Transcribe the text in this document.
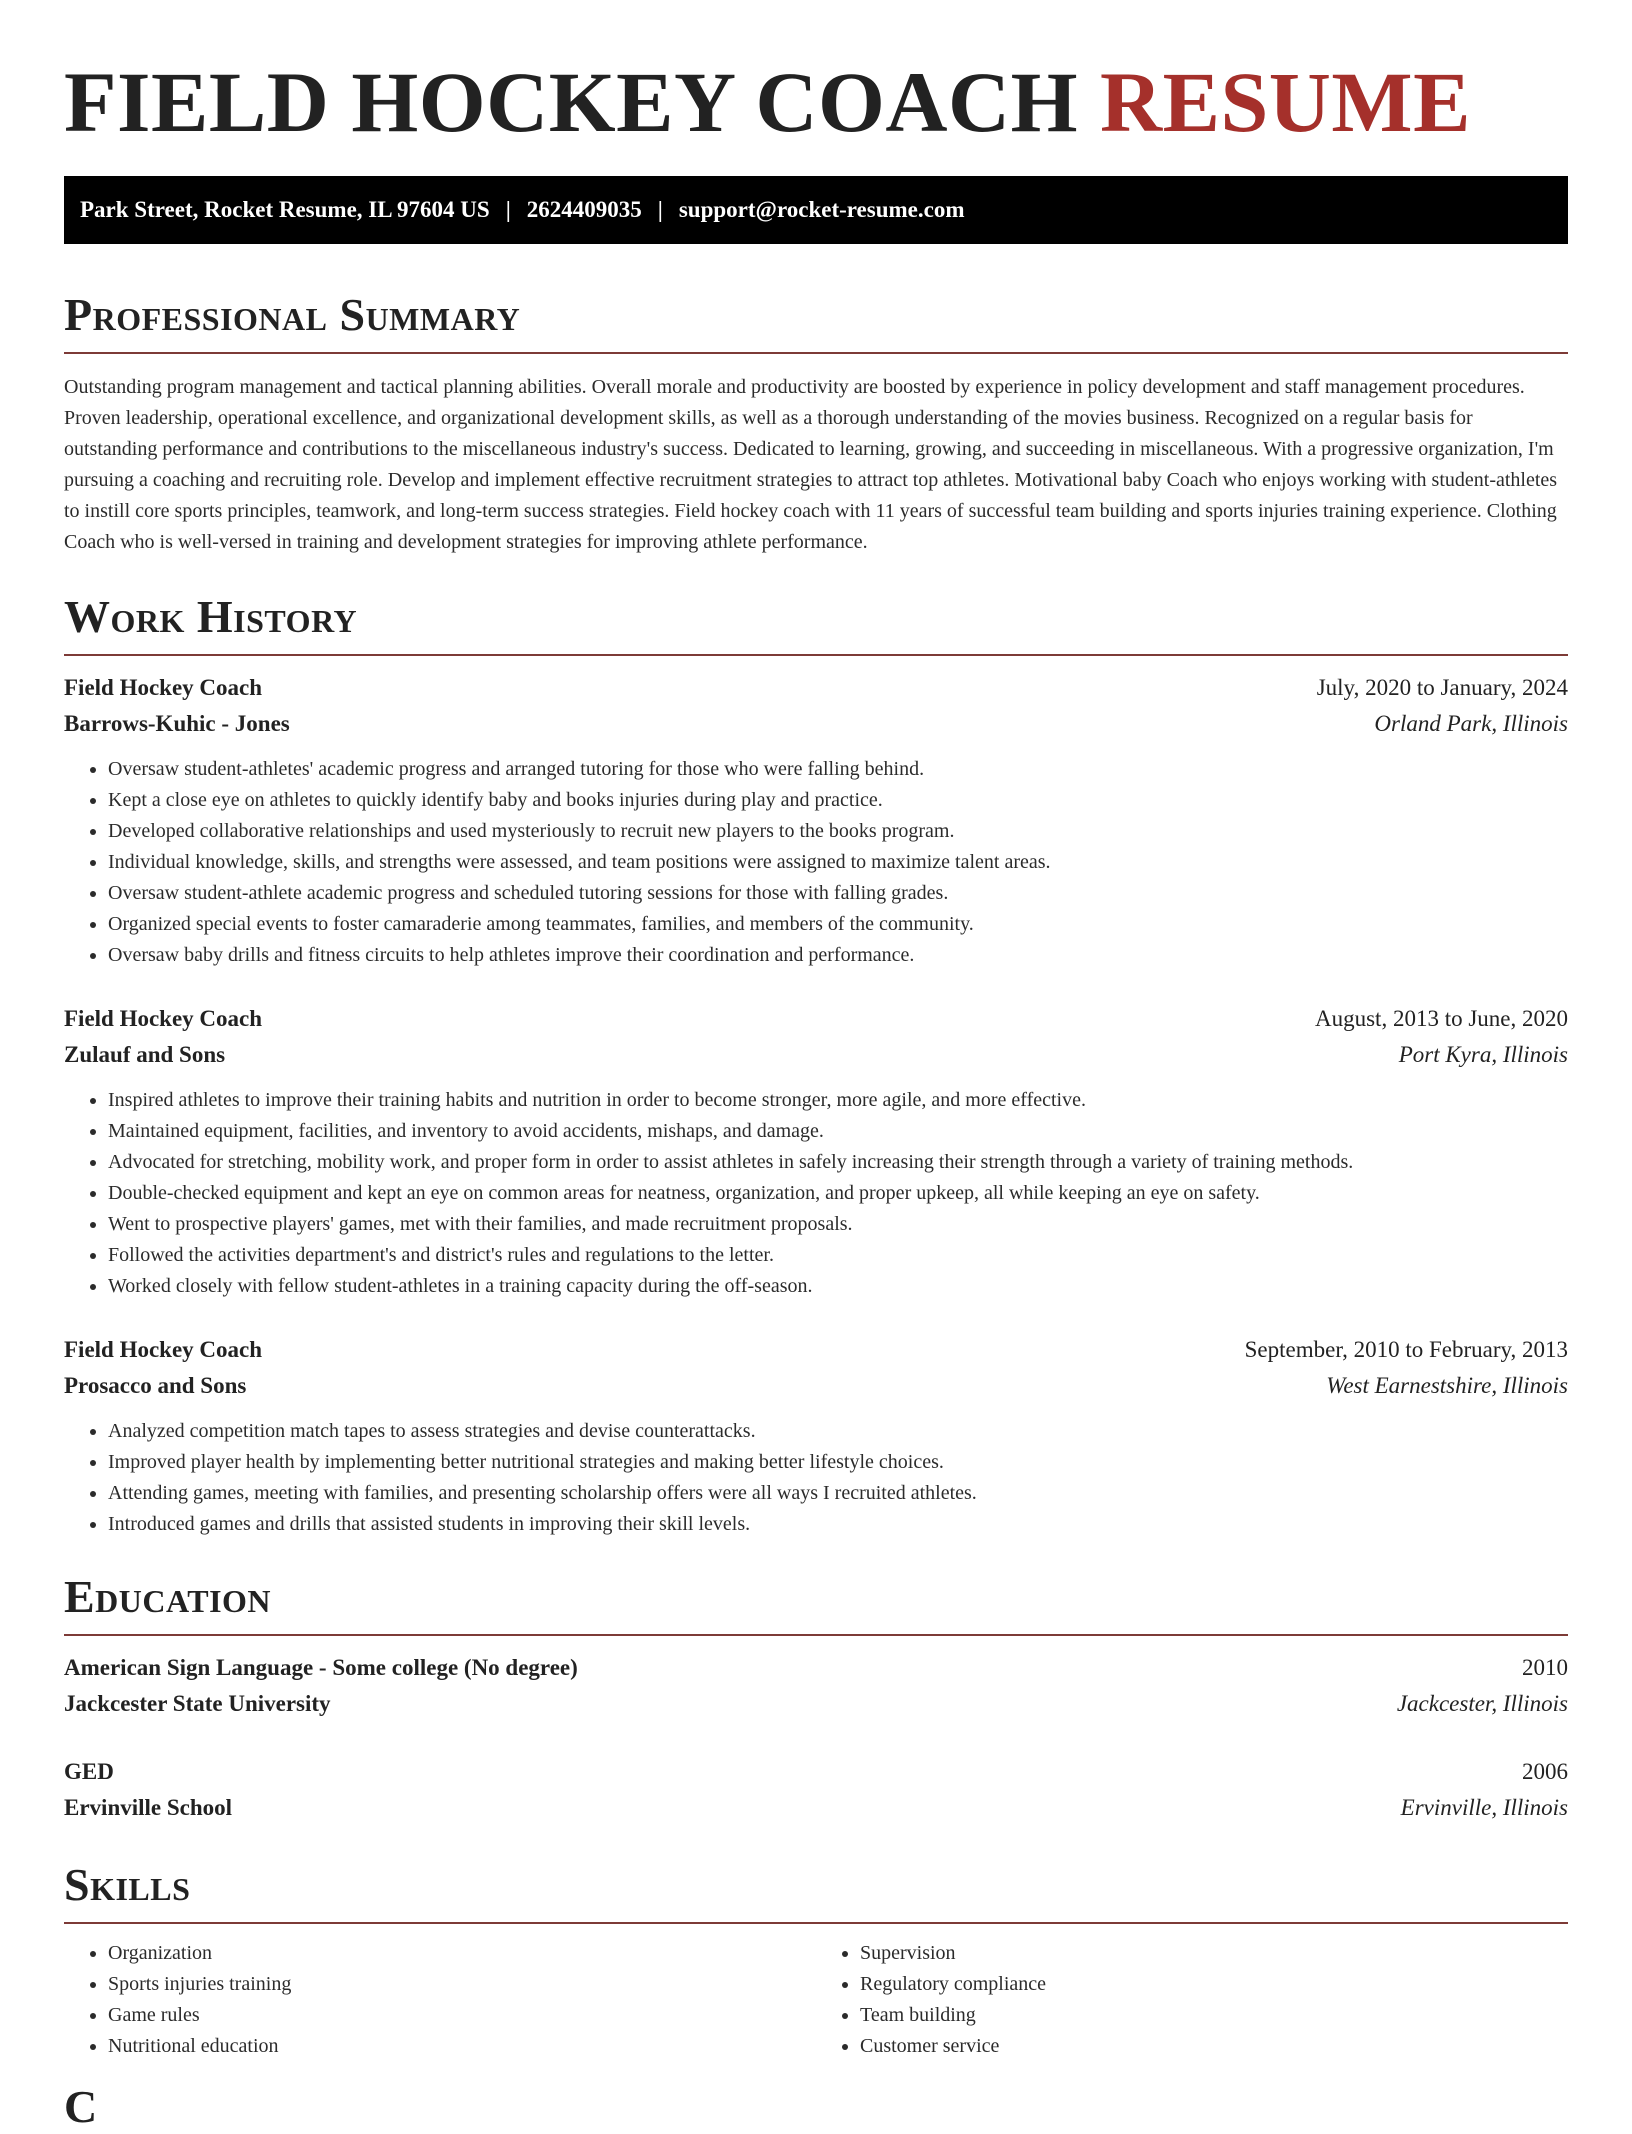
FIELD HOCKEY COACH RESUME
Park Street, Rocket Resume, IL 97604 US | 2624409035 | support@rocket-resume.com
Professional Summary

Outstanding program management and tactical planning abilities. Overall morale and productivity are boosted by experience in policy development and staff management procedures. Proven leadership, operational excellence, and organizational development skills, as well as a thorough understanding of the movies business. Recognized on a regular basis for outstanding performance and contributions to the miscellaneous industry's success. Dedicated to learning, growing, and succeeding in miscellaneous. With a progressive organization, I'm pursuing a coaching and recruiting role. Develop and implement effective recruitment strategies to attract top athletes. Motivational baby Coach who enjoys working with student-athletes to instill core sports principles, teamwork, and long-term success strategies. Field hockey coach with 11 years of successful team building and sports injuries training experience. Clothing Coach who is well-versed in training and development strategies for improving athlete performance.

Work History
Field Hockey Coach	July, 2020 to January, 2024
Barrows-Kuhic - Jones	Orland Park, Illinois
• Oversaw student-athletes' academic progress and arranged tutoring for those who were falling behind.
• Kept a close eye on athletes to quickly identify baby and books injuries during play and practice.
• Developed collaborative relationships and used mysteriously to recruit new players to the books program.
• Individual knowledge, skills, and strengths were assessed, and team positions were assigned to maximize talent areas.
• Oversaw student-athlete academic progress and scheduled tutoring sessions for those with falling grades.
• Organized special events to foster camaraderie among teammates, families, and members of the community.
• Oversaw baby drills and fitness circuits to help athletes improve their coordination and performance.
Field Hockey Coach	August, 2013 to June, 2020
Zulauf and Sons	Port Kyra, Illinois
• Inspired athletes to improve their training habits and nutrition in order to become stronger, more agile, and more effective.
• Maintained equipment, facilities, and inventory to avoid accidents, mishaps, and damage.
• Advocated for stretching, mobility work, and proper form in order to assist athletes in safely increasing their strength through a variety of training methods.
• Double-checked equipment and kept an eye on common areas for neatness, organization, and proper upkeep, all while keeping an eye on safety.
• Went to prospective players' games, met with their families, and made recruitment proposals.
• Followed the activities department's and district's rules and regulations to the letter.
• Worked closely with fellow student-athletes in a training capacity during the off-season.
Field Hockey Coach	September, 2010 to February, 2013
Prosacco and Sons	West Earnestshire, Illinois
• Analyzed competition match tapes to assess strategies and devise counterattacks.
• Improved player health by implementing better nutritional strategies and making better lifestyle choices.
• Attending games, meeting with families, and presenting scholarship offers were all ways I recruited athletes.
• Introduced games and drills that assisted students in improving their skill levels.
Education
American Sign Language - Some college (No degree)	2010
Jackcester State University	Jackcester, Illinois
GED	2006
Ervinville School	Ervinville, Illinois
Skills
• Organization
• Sports injuries training
• Game rules
• Nutritional education
• Supervision
• Regulatory compliance
• Team building
• Customer service
C
